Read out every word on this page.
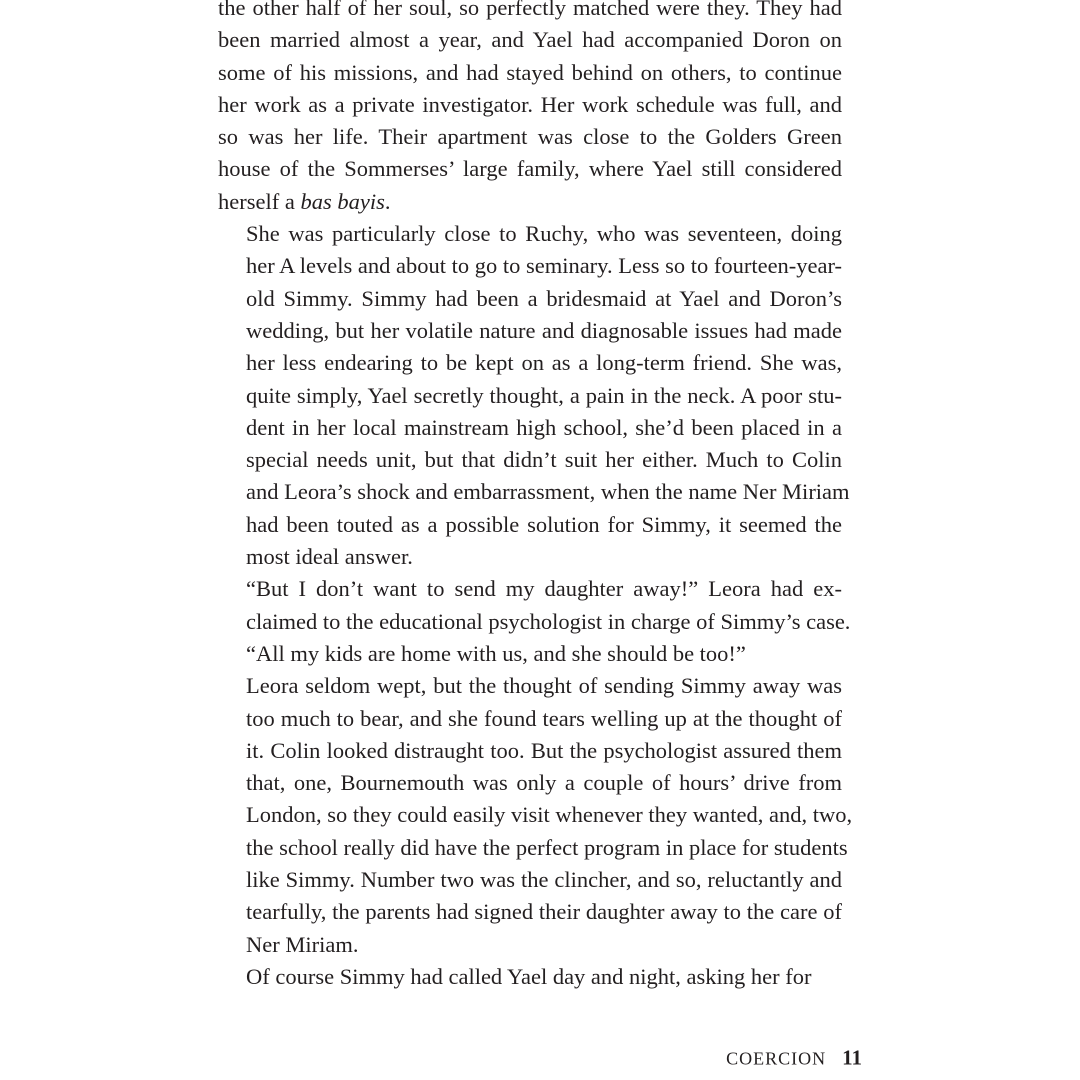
the other half of her soul, so perfectly matched were they. They had
been married almost a year, and Yael had accompanied Doron on
some of his missions, and had stayed behind on others, to continue
her work as a private investigator. Her work schedule was full, and
so was her life. Their apartment was close to the Golders Green
house of the Sommerses’ large family, where Yael still considered
herself a bas bayis.
She was particularly close to Ruchy, who was seventeen, doing
her A levels and about to go to seminary. Less so to fourteen-year-
old Simmy. Simmy had been a bridesmaid at Yael and Doron’s
wedding, but her volatile nature and diagnosable issues had made
her less endearing to be kept on as a long-term friend. She was,
quite simply, Yael secretly thought, a pain in the neck. A poor stu-
dent in her local mainstream high school, she’d been placed in a
special needs unit, but that didn’t suit her either. Much to Colin
and Leora’s shock and embarrassment, when the name Ner Miriam
had been touted as a possible solution for Simmy, it seemed the
most ideal answer.
“But I don’t want to send my daughter away!” Leora had ex-
claimed to the educational psychologist in charge of Simmy’s case.
“All my kids are home with us, and she should be too!”
Leora seldom wept, but the thought of sending Simmy away was
too much to bear, and she found tears welling up at the thought of
it. Colin looked distraught too. But the psychologist assured them
that, one, Bournemouth was only a couple of hours’ drive from
London, so they could easily visit whenever they wanted, and, two,
the school really did have the perfect program in place for students
like Simmy. Number two was the clincher, and so, reluctantly and
tearfully, the parents had signed their daughter away to the care of
Ner Miriam.
Of course Simmy had called Yael day and night, asking her for
COERCION 11
